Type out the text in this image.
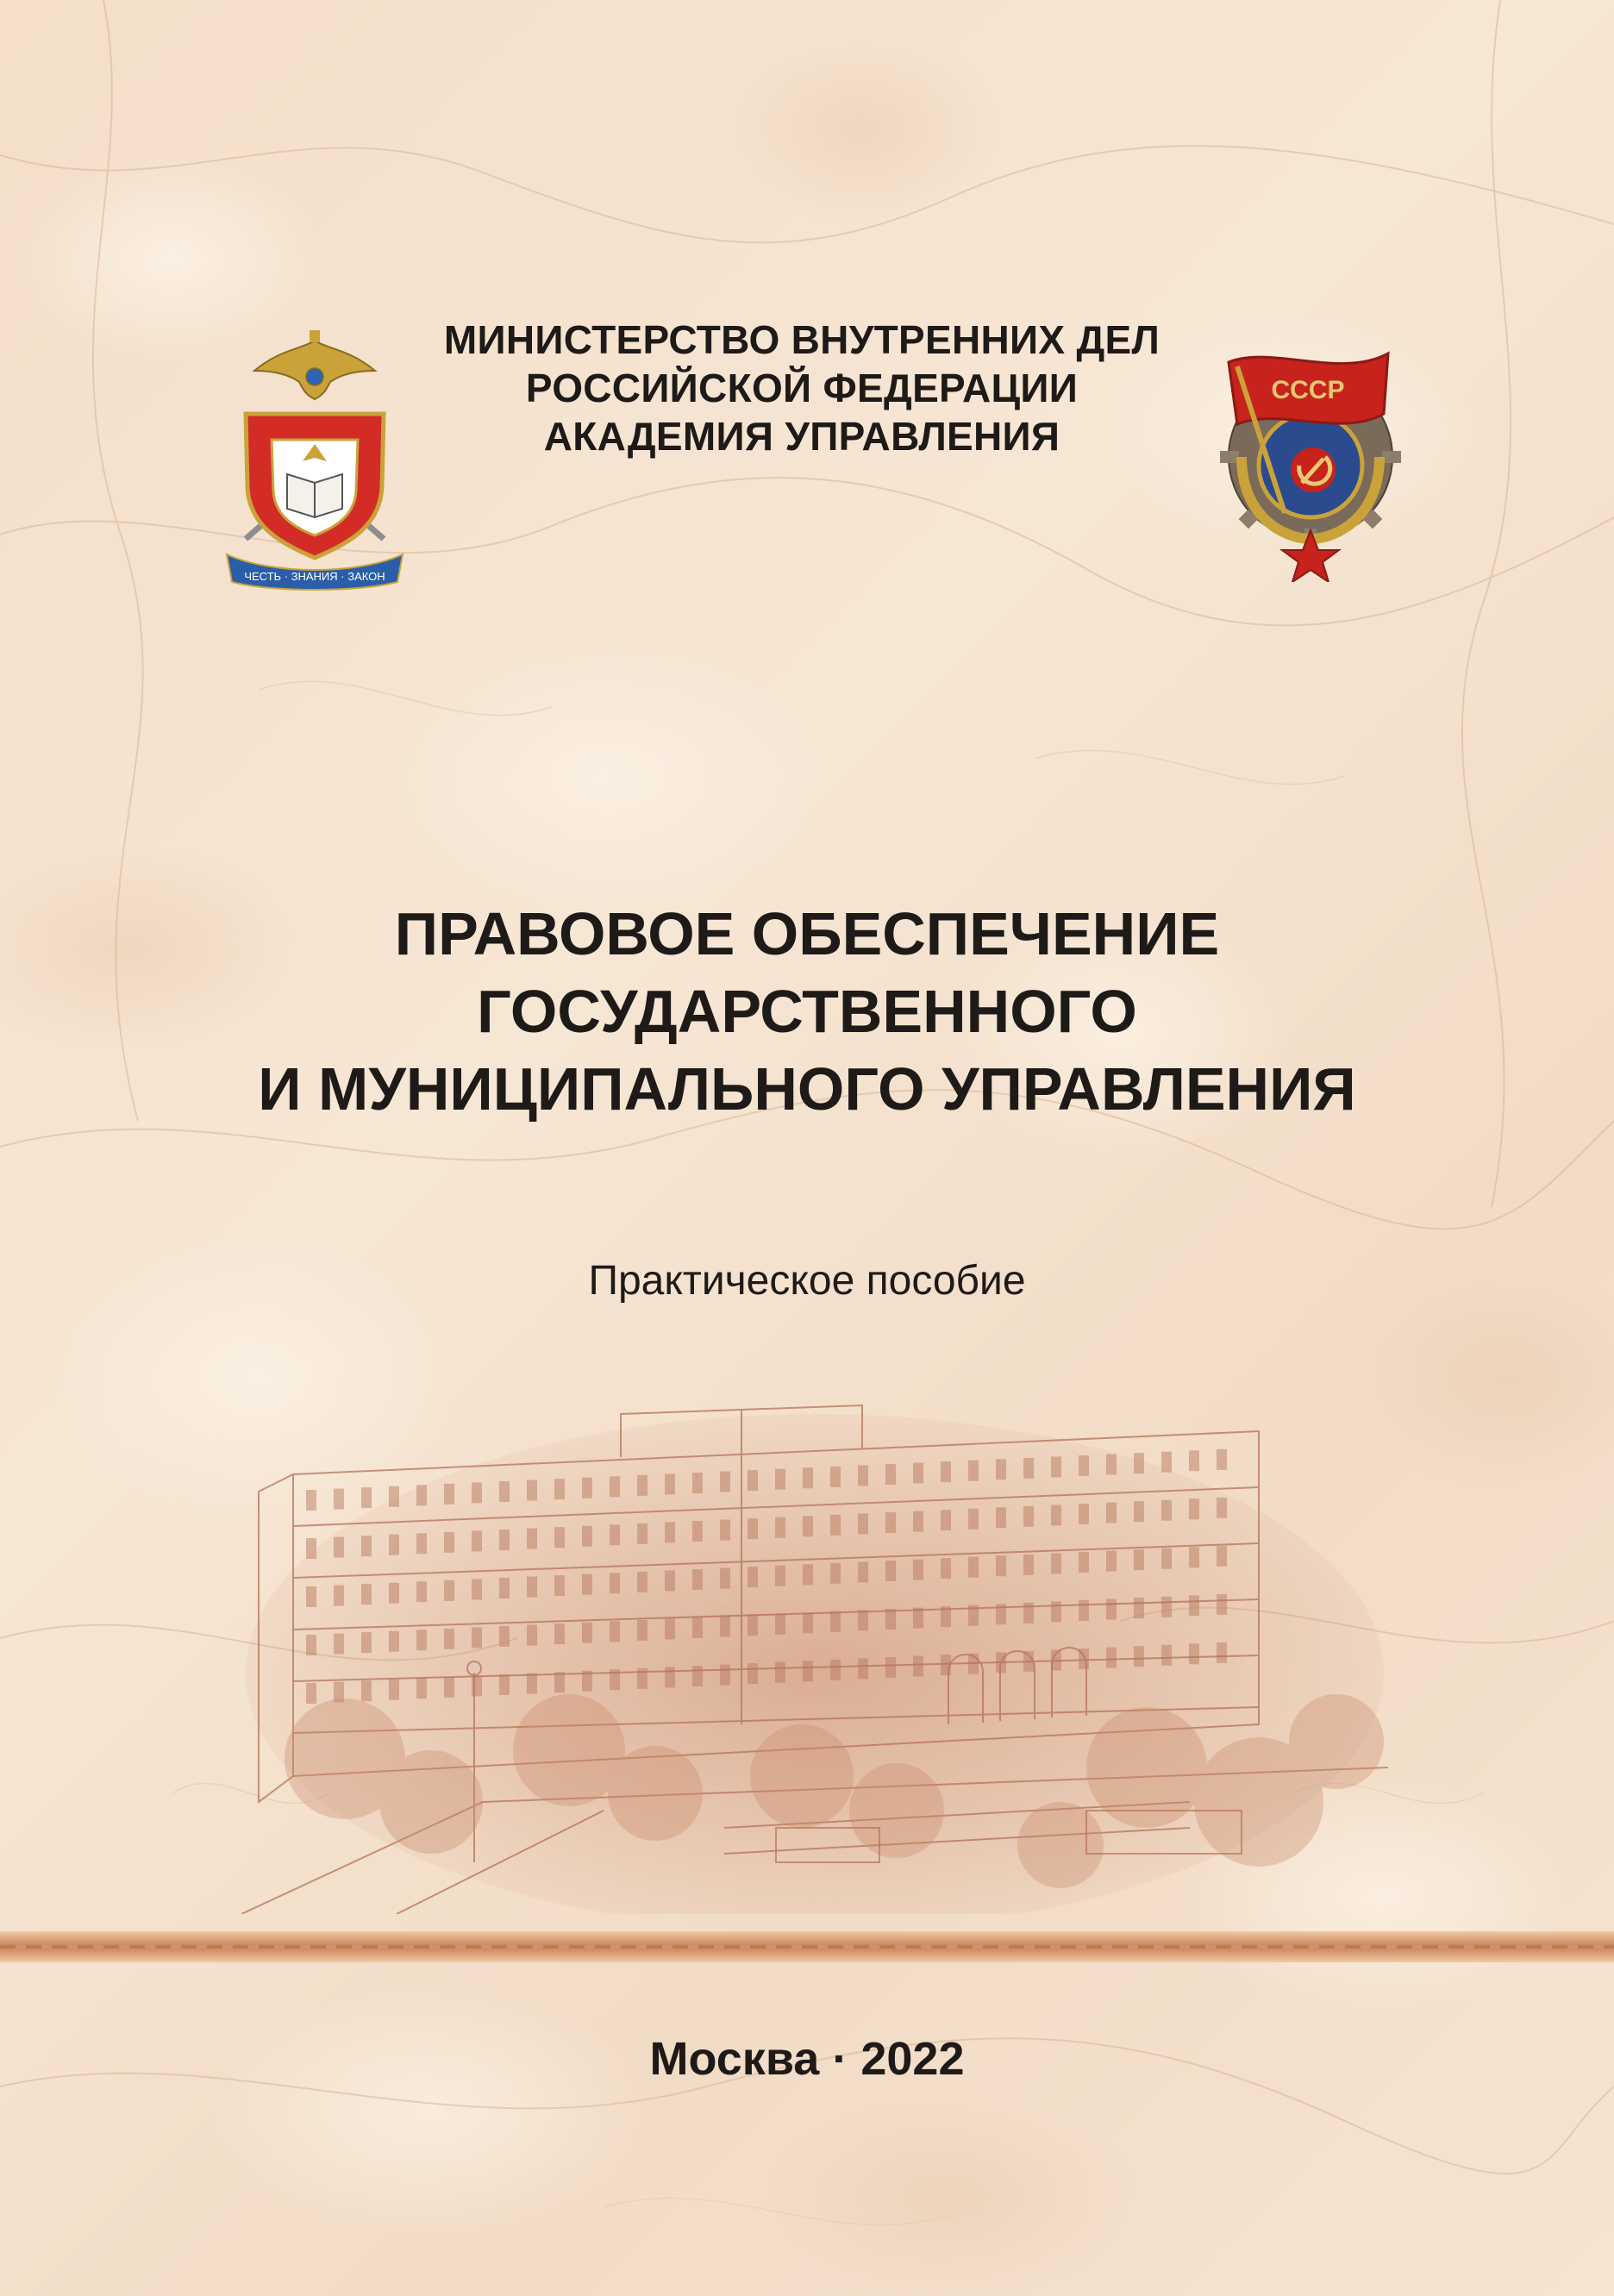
ЧЕСТЬ · ЗНАНИЯ · ЗАКОН
МИНИСТЕРСТВО ВНУТРЕННИХ ДЕЛ
РОССИЙСКОЙ ФЕДЕРАЦИИ
АКАДЕМИЯ УПРАВЛЕНИЯ
СССР
ПРАВОВОЕ ОБЕСПЕЧЕНИЕ
ГОСУДАРСТВЕННОГО
И МУНИЦИПАЛЬНОГО УПРАВЛЕНИЯ
Практическое пособие
Москва · 2022
